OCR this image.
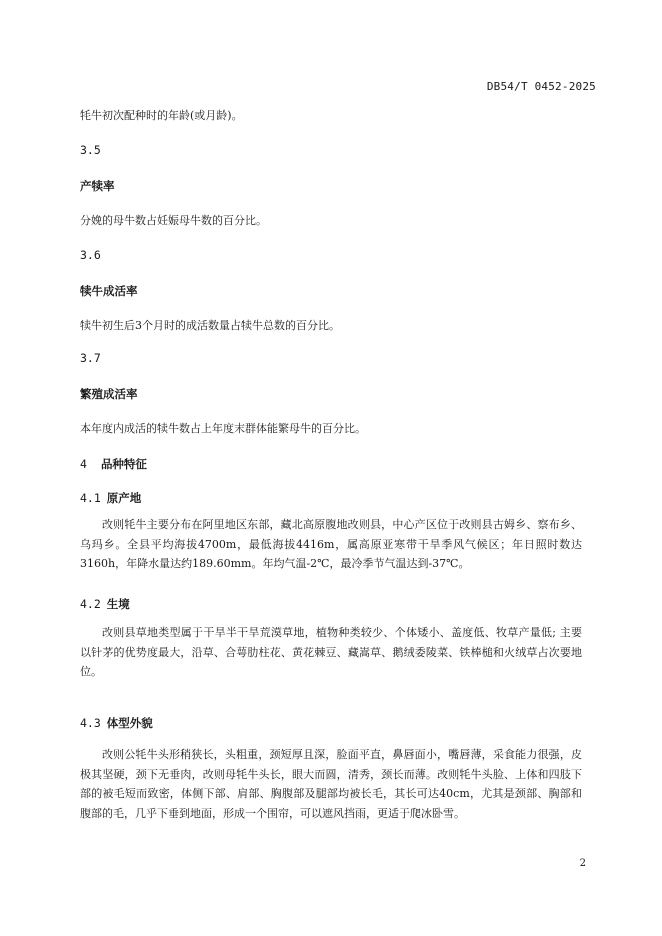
DB54/T 0452-2025
牦牛初次配种时的年龄(或月龄)。
3.5
产犊率
分娩的母牛数占妊娠母牛数的百分比。
3.6
犊牛成活率
犊牛初生后3个月时的成活数量占犊牛总数的百分比。
3.7
繁殖成活率
本年度内成活的犊牛数占上年度末群体能繁母牛的百分比。
4 品种特征
4.1 原产地
改则牦牛主要分布在阿里地区东部，藏北高原腹地改则县，中心产区位于改则县古姆乡、察布乡、乌玛乡。全县平均海拔4700m，最低海拔4416m，属高原亚寒带干旱季风气候区；年日照时数达3160h，年降水量达约189.60mm。年均气温-2℃，最冷季节气温达到-37℃。
4.2 生境
改则县草地类型属于干旱半干旱荒漠草地，植物种类较少、个体矮小、盖度低、牧草产量低; 主要以针茅的优势度最大，沿草、合萼肋柱花、黄花棘豆、藏嵩草、鹅绒委陵菜、铁棒槌和火绒草占次要地位。
4.3 体型外貌
改则公牦牛头形稍狭长，头粗重，颈短厚且深，脸面平直，鼻唇面小，嘴唇薄，采食能力很强，皮极其坚硬，颈下无垂肉，改则母牦牛头长，眼大而圆，清秀，颈长而薄。改则牦牛头脸、上体和四肢下部的被毛短而致密，体侧下部、肩部、胸腹部及腿部均被长毛，其长可达40cm，尤其是颈部、胸部和腹部的毛，几乎下垂到地面，形成一个围帘，可以遮风挡雨，更适于爬冰卧雪。
2
